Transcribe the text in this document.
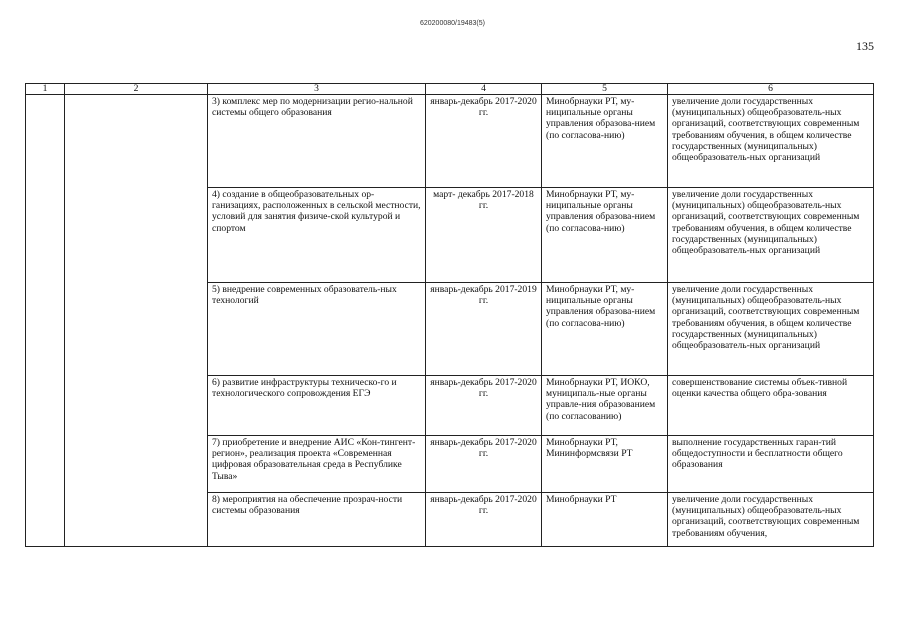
620200080/19483(5)
135
1	2	3	4	5	6
		3) комплекс мер по модернизации регио-нальной системы общего образования	январь-декабрь 2017-2020 гг.	Минобрнауки РТ, му-ниципальные органы управления образова-нием (по согласова-нию)	увеличение доли государственных (муниципальных) общеобразователь-ных организаций, соответствующих современным требованиям обучения, в общем количестве государственных (муниципальных) общеобразователь-ных организаций
		4) создание в общеобразовательных ор-ганизациях, расположенных в сельской местности, условий для занятия физиче-ской культурой и спортом	март- декабрь 2017-2018 гг.	Минобрнауки РТ, му-ниципальные органы управления образова-нием (по согласова-нию)	увеличение доли государственных (муниципальных) общеобразователь-ных организаций, соответствующих современным требованиям обучения, в общем количестве государственных (муниципальных) общеобразователь-ных организаций
		5) внедрение современных образователь-ных технологий	январь-декабрь 2017-2019 гг.	Минобрнауки РТ, му-ниципальные органы управления образова-нием (по согласова-нию)	увеличение доли государственных (муниципальных) общеобразователь-ных организаций, соответствующих современным требованиям обучения, в общем количестве государственных (муниципальных) общеобразователь-ных организаций
		6) развитие инфраструктуры техническо-го и технологического сопровождения ЕГЭ	январь-декабрь 2017-2020 гг.	Минобрнауки РТ, ИОКО, муниципаль-ные органы управле-ния образованием (по согласованию)	совершенствование системы объек-тивной оценки качества общего обра-зования
		7) приобретение и внедрение АИС «Кон-тингент-регион», реализация проекта «Современная цифровая образовательная среда в Республике Тыва»	январь-декабрь 2017-2020 гг.	Минобрнауки РТ, Мининформсвязи РТ	выполнение государственных гаран-тий общедоступности и бесплатности общего образования
		8) мероприятия на обеспечение прозрач-ности системы образования	январь-декабрь 2017-2020 гг.	Минобрнауки РТ	увеличение доли государственных (муниципальных) общеобразователь-ных организаций, соответствующих современным требованиям обучения,
